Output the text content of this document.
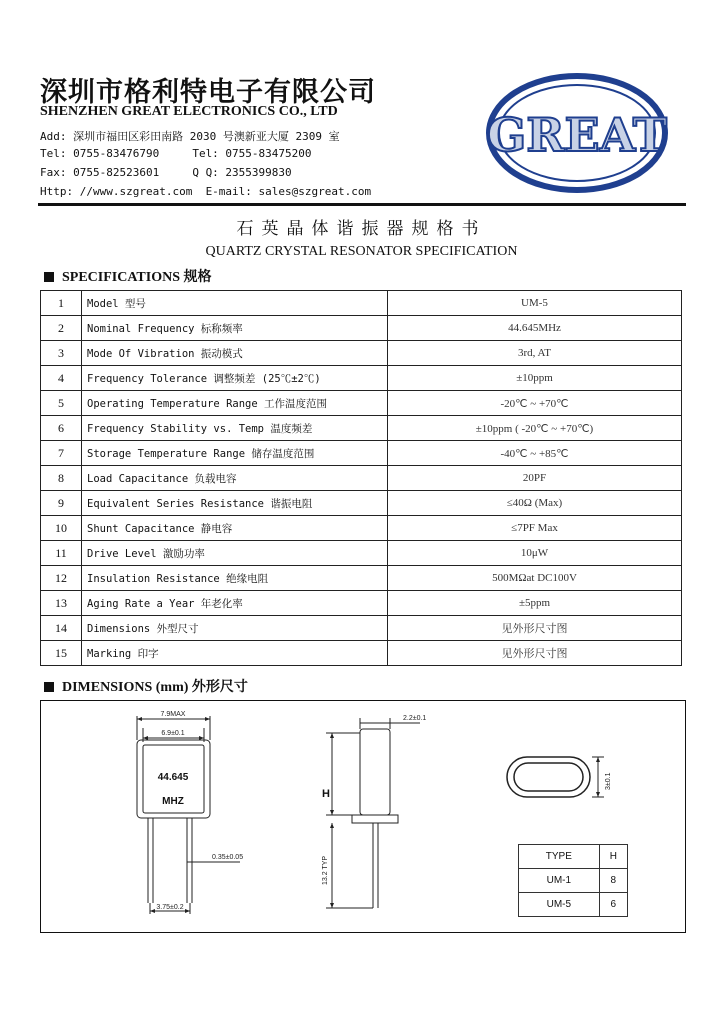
深圳市格利特电子有限公司
SHENZHEN GREAT ELECTRONICS CO., LTD
Add: 深圳市福田区彩田南路 2030 号澳新亚大厦 2309 室
Tel: 0755-83476790     Tel: 0755-83475200
Fax: 0755-82523601     Q Q: 2355399830
Http: //www.szgreat.com  E-mail: sales@szgreat.com
GREAT
石英晶体谐振器规格书
QUARTZ CRYSTAL RESONATOR SPECIFICATION
SPECIFICATIONS 规格
1	Model 型号	UM-5
2	Nominal Frequency 标称频率	44.645MHz
3	Mode Of Vibration 振动模式	3rd, AT
4	Frequency Tolerance 调整频差 (25℃±2℃)	±10ppm
5	Operating Temperature Range 工作温度范围	-20℃ ~ +70℃
6	Frequency Stability vs. Temp 温度频差	±10ppm ( -20℃ ~ +70℃)
7	Storage Temperature Range 储存温度范围	-40℃ ~ +85℃
8	Load Capacitance 负载电容	20PF
9	Equivalent Series Resistance 谐振电阻	≤40Ω (Max)
10	Shunt Capacitance 静电容	≤7PF Max
11	Drive Level 激励功率	10μW
12	Insulation Resistance 绝缘电阻	500MΩat DC100V
13	Aging Rate a Year 年老化率	±5ppm
14	Dimensions 外型尺寸	见外形尺寸图
15	Marking 印字	见外形尺寸图
DIMENSIONS (mm) 外形尺寸
7.9MAX
6.9±0.1
0.35±0.05
3.75±0.2
2.2±0.1
13.2 TYP
3±0.1
44.645
MHZ
H
TYPE	H
UM-1	8
UM-5	6
